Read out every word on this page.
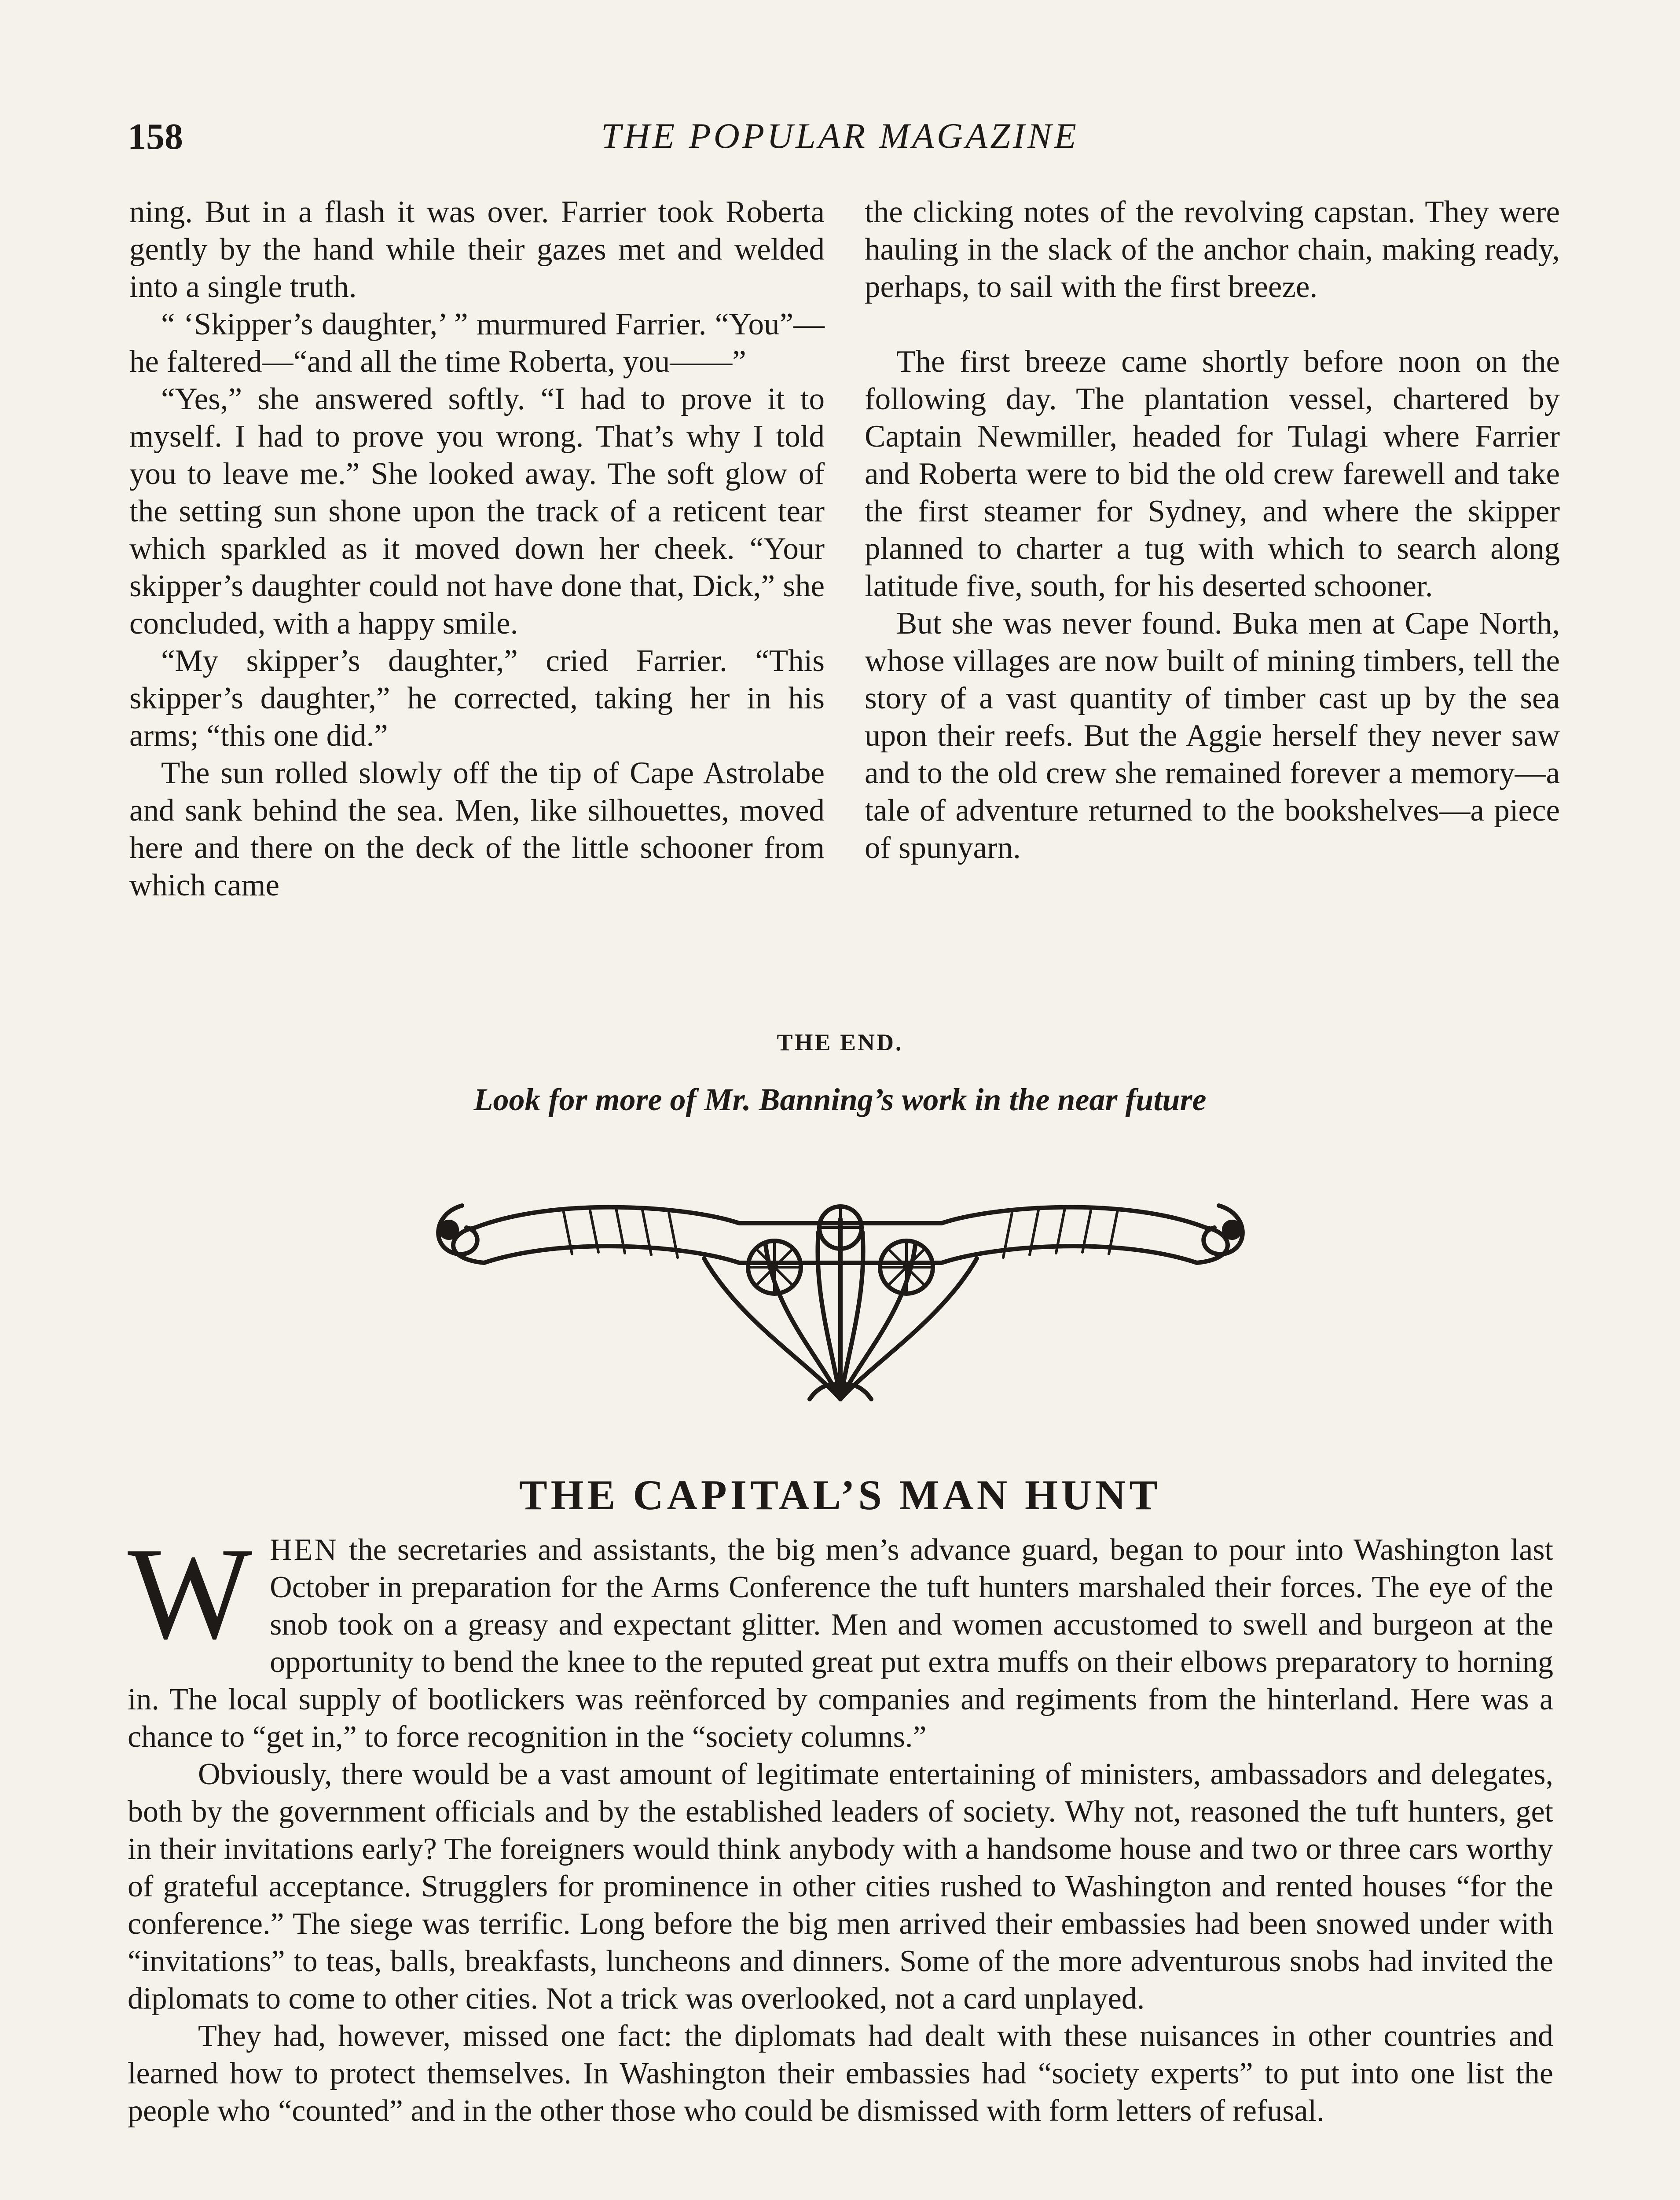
158	THE POPULAR MAGAZINE

ning. But in a flash it was over. Farrier took Roberta gently by the hand while their gazes met and welded into a single truth.

“ ‘Skipper’s daughter,’ ” murmured Farrier. “You”—he faltered—“and all the time Roberta, you——”

“Yes,” she answered softly. “I had to prove it to myself. I had to prove you wrong. That’s why I told you to leave me.” She looked away. The soft glow of the setting sun shone upon the track of a reticent tear which sparkled as it moved down her cheek. “Your skipper’s daughter could not have done that, Dick,” she concluded, with a happy smile.

“My skipper’s daughter,” cried Farrier. “This skipper’s daughter,” he corrected, taking her in his arms; “this one did.”

The sun rolled slowly off the tip of Cape Astrolabe and sank behind the sea. Men, like silhouettes, moved here and there on the deck of the little schooner from which came

the clicking notes of the revolving capstan. They were hauling in the slack of the anchor chain, making ready, perhaps, to sail with the first breeze.

The first breeze came shortly before noon on the following day. The plantation vessel, chartered by Captain Newmiller, headed for Tulagi where Farrier and Roberta were to bid the old crew farewell and take the first steamer for Sydney, and where the skipper planned to charter a tug with which to search along latitude five, south, for his deserted schooner.

But she was never found. Buka men at Cape North, whose villages are now built of mining timbers, tell the story of a vast quantity of timber cast up by the sea upon their reefs. But the Aggie herself they never saw and to the old crew she remained forever a memory—a tale of adventure returned to the bookshelves—a piece of spunyarn.

THE END.
Look for more of Mr. Banning’s work in the near future
THE CAPITAL’S MAN HUNT

WHEN the secretaries and assistants, the big men’s advance guard, began to pour into Washington last October in preparation for the Arms Conference the tuft hunters marshaled their forces. The eye of the snob took on a greasy and expectant glitter. Men and women accustomed to swell and burgeon at the opportunity to bend the knee to the reputed great put extra muffs on their elbows preparatory to horning in. The local supply of bootlickers was reënforced by companies and regiments from the hinterland. Here was a chance to “get in,” to force recognition in the “society columns.”

Obviously, there would be a vast amount of legitimate entertaining of ministers, ambassadors and delegates, both by the government officials and by the established leaders of society. Why not, reasoned the tuft hunters, get in their invitations early? The foreigners would think anybody with a handsome house and two or three cars worthy of grateful acceptance. Strugglers for prominence in other cities rushed to Washington and rented houses “for the conference.” The siege was terrific. Long before the big men arrived their embassies had been snowed under with “invitations” to teas, balls, breakfasts, luncheons and dinners. Some of the more adventurous snobs had invited the diplomats to come to other cities. Not a trick was overlooked, not a card unplayed.

They had, however, missed one fact: the diplomats had dealt with these nuisances in other countries and learned how to protect themselves. In Washington their embassies had “society experts” to put into one list the people who “counted” and in the other those who could be dismissed with form letters of refusal.
